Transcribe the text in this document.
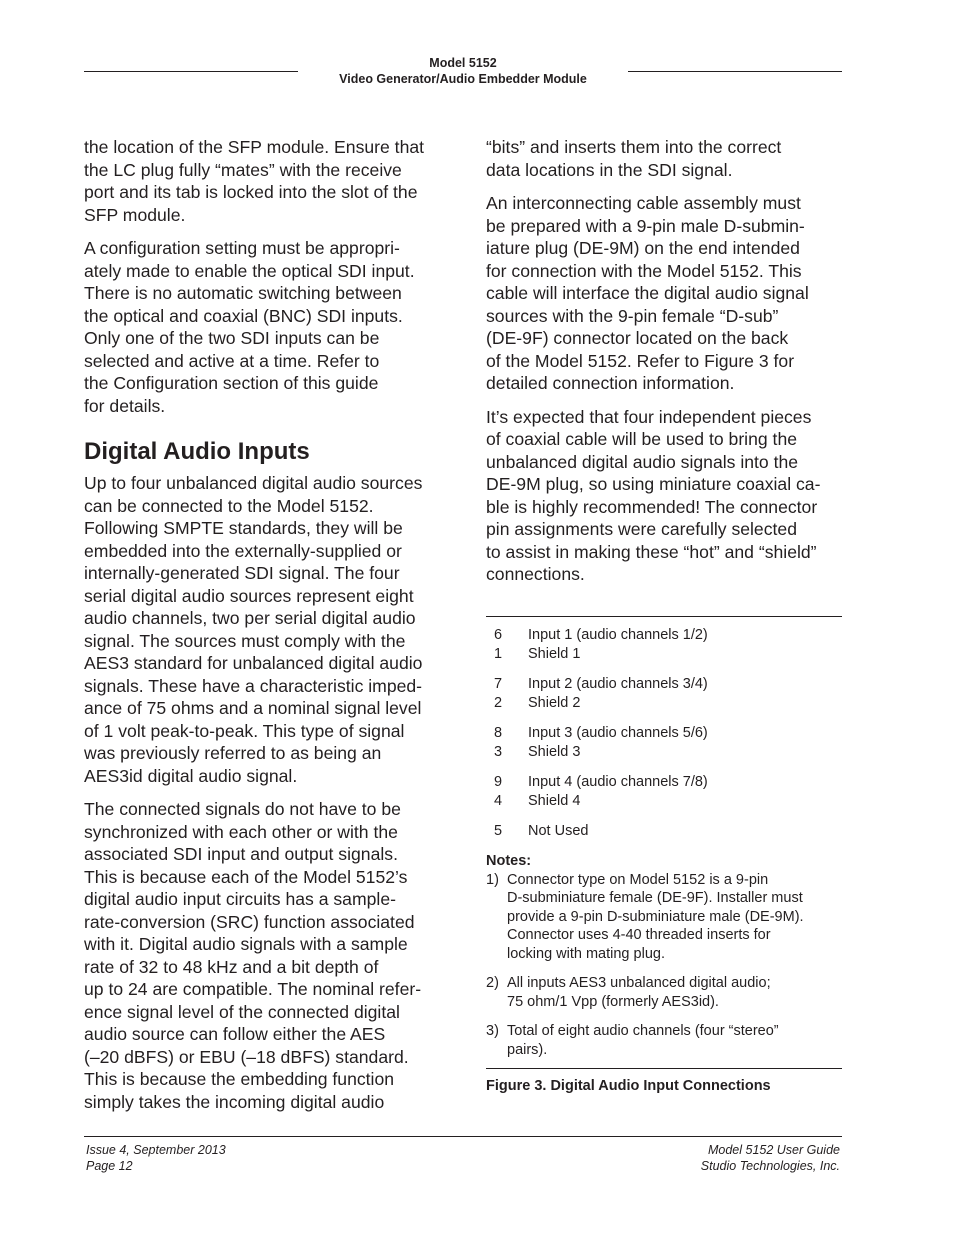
Model 5152
Video Generator/Audio Embedder Module

the location of the SFP module. Ensure that
the LC plug fully “mates” with the receive
port and its tab is locked into the slot of the
SFP module.

A configuration setting must be appropri-
ately made to enable the optical SDI input.
There is no automatic switching between
the optical and coaxial (BNC) SDI inputs.
Only one of the two SDI inputs can be
selected and active at a time. Refer to
the Configuration section of this guide
for details.

Digital Audio Inputs

Up to four unbalanced digital audio sources
can be connected to the Model 5152.
Following SMPTE standards, they will be
embedded into the externally-supplied or
internally-generated SDI signal. The four
serial digital audio sources represent eight
audio channels, two per serial digital audio
signal. The sources must comply with the
AES3 standard for unbalanced digital audio
signals. These have a characteristic imped-
ance of 75 ohms and a nominal signal level
of 1 volt peak-to-peak. This type of signal
was previously referred to as being an
AES3id digital audio signal.

The connected signals do not have to be
synchronized with each other or with the
associated SDI input and output signals.
This is because each of the Model 5152’s
digital audio input circuits has a sample-
rate-conversion (SRC) function associated
with it. Digital audio signals with a sample
rate of 32 to 48 kHz and a bit depth of
up to 24 are compatible. The nominal refer-
ence signal level of the connected digital
audio source can follow either the AES
(–20 dBFS) or EBU (–18 dBFS) standard.
This is because the embedding function
simply takes the incoming digital audio

“bits” and inserts them into the correct
data locations in the SDI signal.

An interconnecting cable assembly must
be prepared with a 9-pin male D-submin-
iature plug (DE-9M) on the end intended
for connection with the Model 5152. This
cable will interface the digital audio signal
sources with the 9-pin female “D-sub”
(DE-9F) connector located on the back
of the Model 5152. Refer to Figure 3 for
detailed connection information.

It’s expected that four independent pieces
of coaxial cable will be used to bring the
unbalanced digital audio signals into the
DE-9M plug, so using miniature coaxial ca-
ble is highly recommended! The connector
pin assignments were carefully selected
to assist in making these “hot” and “shield”
connections.

6	Input 1 (audio channels 1/2)
1	Shield 1
7	Input 2 (audio channels 3/4)
2	Shield 2
8	Input 3 (audio channels 5/6)
3	Shield 3
9	Input 4 (audio channels 7/8)
4	Shield 4
5	Not Used
Notes:
1) Connector type on Model 5152 is a 9-pin
D-subminiature female (DE-9F). Installer must
provide a 9-pin D-subminiature male (DE-9M).
Connector uses 4-40 threaded inserts for
locking with mating plug.
2) All inputs AES3 unbalanced digital audio;
75 ohm/1 Vpp (formerly AES3id).
3) Total of eight audio channels (four “stereo”
pairs).
Figure 3. Digital Audio Input Connections
Issue 4, September 2013
Page 12
Model 5152 User Guide
Studio Technologies, Inc.
